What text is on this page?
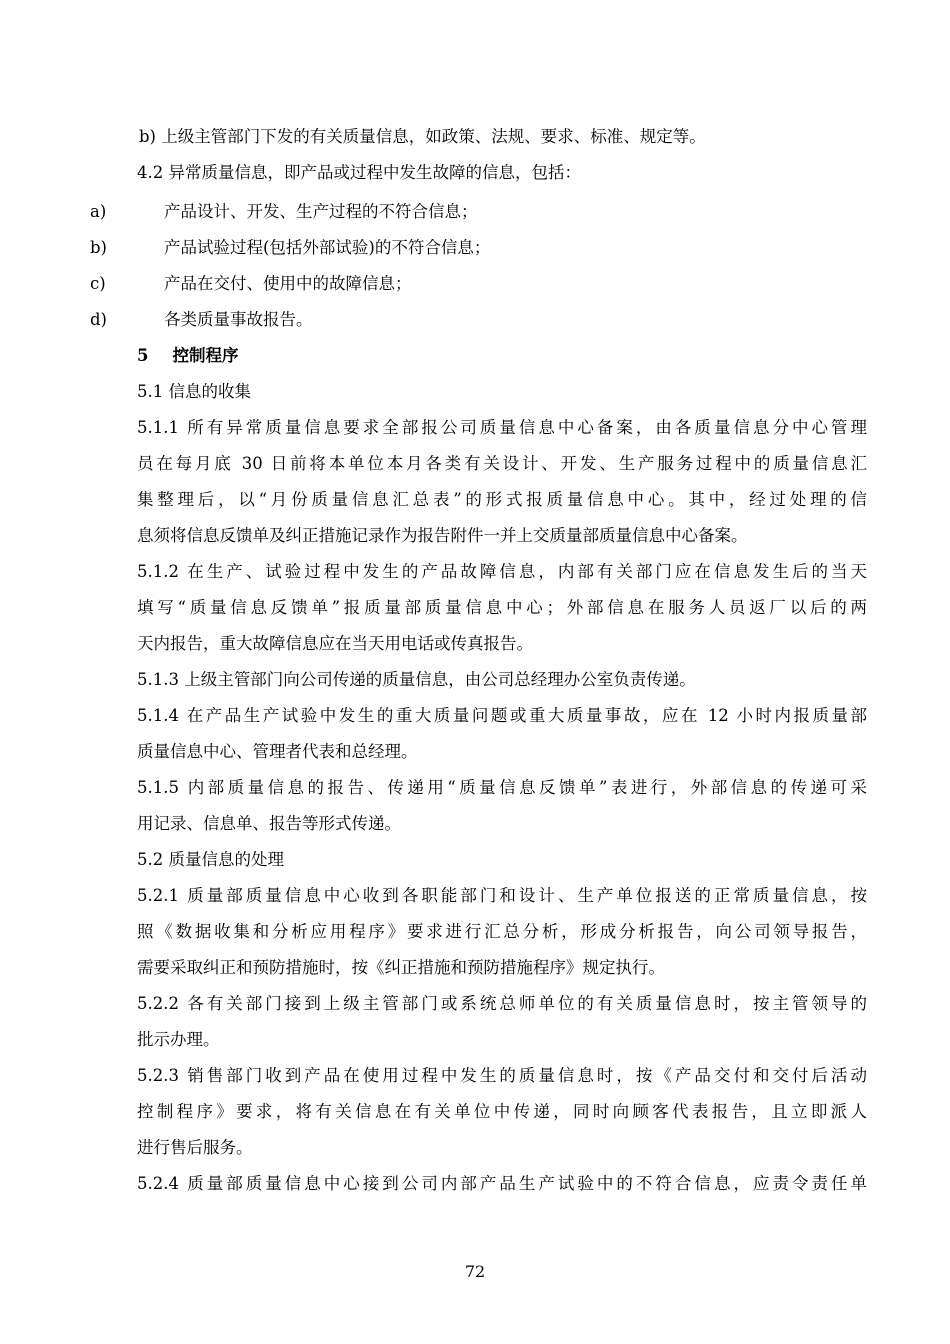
b) 上级主管部门下发的有关质量信息，如政策、法规、要求、标准、规定等。
4.2 异常质量信息，即产品或过程中发生故障的信息，包括：
a)	产品设计、开发、生产过程的不符合信息；
b)	产品试验过程(包括外部试验)的不符合信息；
c)	产品在交付、使用中的故障信息；
d)	各类质量事故报告。
5 控制程序
5.1 信息的收集
5.1.1 所有异常质量信息要求全部报公司质量信息中心备案，由各质量信息分中心管理
员在每月底 30 日前将本单位本月各类有关设计、开发、生产服务过程中的质量信息汇
集整理后，以“月份质量信息汇总表”的形式报质量信息中心。其中，经过处理的信
息须将信息反馈单及纠正措施记录作为报告附件一并上交质量部质量信息中心备案。
5.1.2 在生产、试验过程中发生的产品故障信息，内部有关部门应在信息发生后的当天
填写“质量信息反馈单”报质量部质量信息中心；外部信息在服务人员返厂以后的两
天内报告，重大故障信息应在当天用电话或传真报告。
5.1.3 上级主管部门向公司传递的质量信息，由公司总经理办公室负责传递。
5.1.4 在产品生产试验中发生的重大质量问题或重大质量事故，应在 12 小时内报质量部
质量信息中心、管理者代表和总经理。
5.1.5 内部质量信息的报告、传递用“质量信息反馈单”表进行，外部信息的传递可采
用记录、信息单、报告等形式传递。
5.2 质量信息的处理
5.2.1 质量部质量信息中心收到各职能部门和设计、生产单位报送的正常质量信息，按
照《数据收集和分析应用程序》要求进行汇总分析，形成分析报告，向公司领导报告，
需要采取纠正和预防措施时，按《纠正措施和预防措施程序》规定执行。
5.2.2 各有关部门接到上级主管部门或系统总师单位的有关质量信息时，按主管领导的
批示办理。
5.2.3 销售部门收到产品在使用过程中发生的质量信息时，按《产品交付和交付后活动
控制程序》要求，将有关信息在有关单位中传递，同时向顾客代表报告，且立即派人
进行售后服务。
5.2.4 质量部质量信息中心接到公司内部产品生产试验中的不符合信息，应责令责任单
72
